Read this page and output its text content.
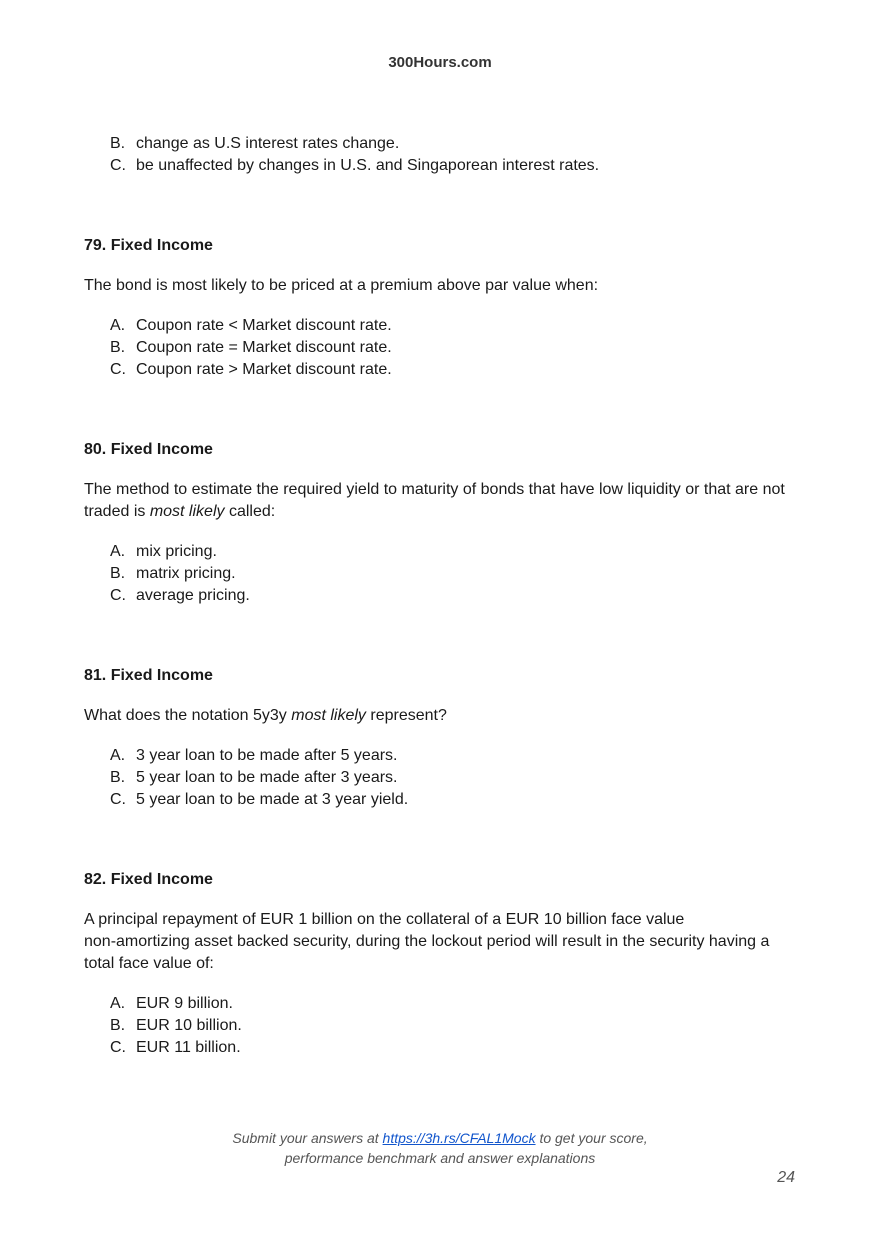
300Hours.com
B. change as U.S interest rates change.
C. be unaffected by changes in U.S. and Singaporean interest rates.

79. Fixed Income

The bond is most likely to be priced at a premium above par value when:

A. Coupon rate < Market discount rate.
B. Coupon rate = Market discount rate.
C. Coupon rate > Market discount rate.

80. Fixed Income

The method to estimate the required yield to maturity of bonds that have low liquidity or that are not traded is most likely called:

A. mix pricing.
B. matrix pricing.
C. average pricing.

81. Fixed Income

What does the notation 5y3y most likely represent?

A. 3 year loan to be made after 5 years.
B. 5 year loan to be made after 3 years.
C. 5 year loan to be made at 3 year yield.

82. Fixed Income

A principal repayment of EUR 1 billion on the collateral of a EUR 10 billion face value
non-amortizing asset backed security, during the lockout period will result in the security having a total face value of:

A. EUR 9 billion.
B. EUR 10 billion.
C. EUR 11 billion.
Submit your answers at https://3h.rs/CFAL1Mock to get your score,
performance benchmark and answer explanations
24
